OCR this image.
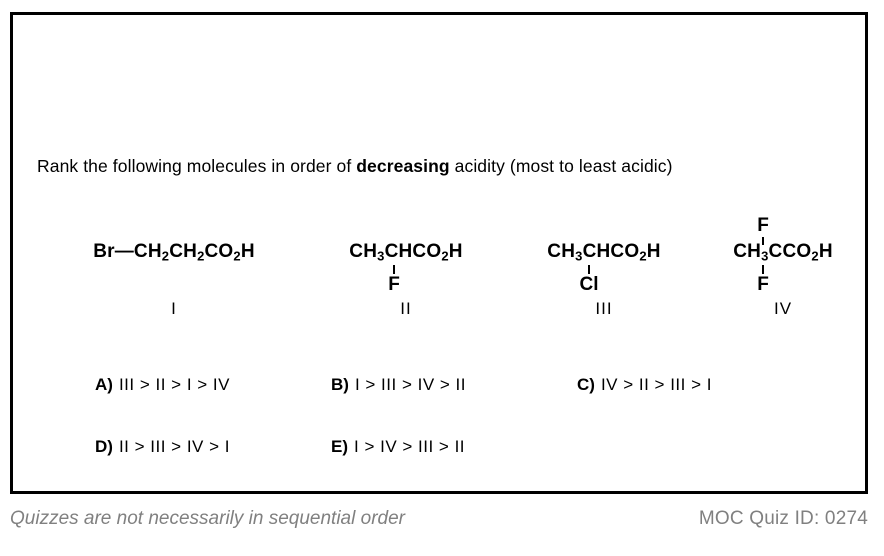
Rank the following molecules in order of decreasing acidity (most to least acidic)
$Br—CH_2CH_2CO_2H$
I
$CH_3CHCO_2H$
F
II
$CH_3CHCO_2H$
Cl
III
F
$CH_3CCO_2H$
F
IV
A) III > II > I > IV	B) I > III > IV > II	C) IV > II > III > I
D) II > III > IV > I	E) I > IV > III > II
Quizzes are not necessarily in sequential order	MOC Quiz ID: 0274
